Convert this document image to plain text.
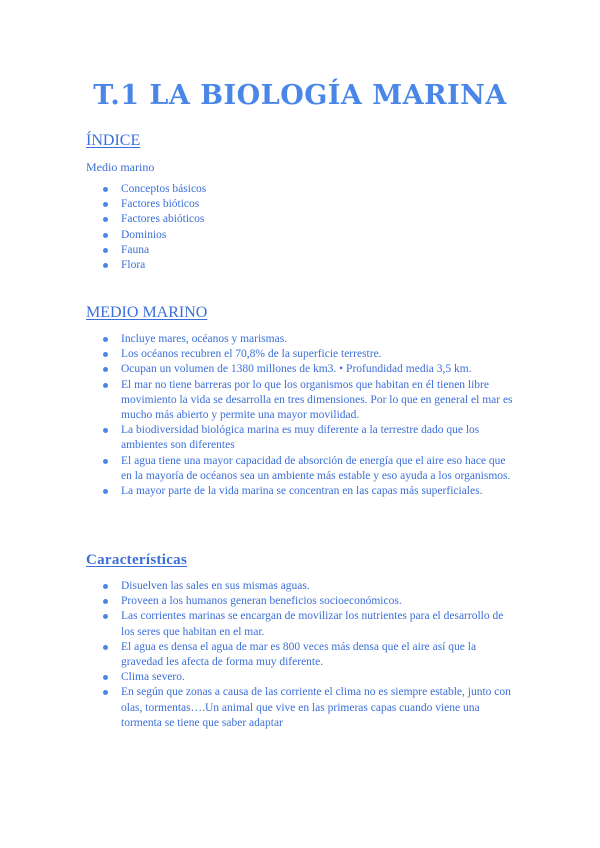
T.1 LA BIOLOGÍA MARINA
ÍNDICE

Medio marino

Conceptos básicos
Factores bióticos
Factores abióticos
Dominios
Fauna
Flora
MEDIO MARINO
Incluye mares, océanos y marismas.
Los océanos recubren el 70,8% de la superficie terrestre.
Ocupan un volumen de 1380 millones de km3. • Profundidad media 3,5 km.
El mar no tiene barreras por lo que los organismos que habitan en él tienen libre movimiento la vida se desarrolla en tres dimensiones. Por lo que en general el mar es mucho más abierto y permite una mayor movilidad.
La biodiversidad biológica marina es muy diferente a la terrestre dado que los ambientes son diferentes
El agua tiene una mayor capacidad de absorción de energía que el aire eso hace que en la mayoría de océanos sea un ambiente más estable y eso ayuda a los organismos.
La mayor parte de la vida marina se concentran en las capas más superficiales.
Características
Disuelven las sales en sus mismas aguas.
Proveen a los humanos generan beneficios socioeconómicos.
Las corrientes marinas se encargan de movilizar los nutrientes para el desarrollo de los seres que habitan en el mar.
El agua es densa el agua de mar es 800 veces más densa que el aire así que la gravedad les afecta de forma muy diferente.
Clima severo.
En según que zonas a causa de las corriente el clima no es siempre estable, junto con olas, tormentas….Un animal que vive en las primeras capas cuando viene una tormenta se tiene que saber adaptar
